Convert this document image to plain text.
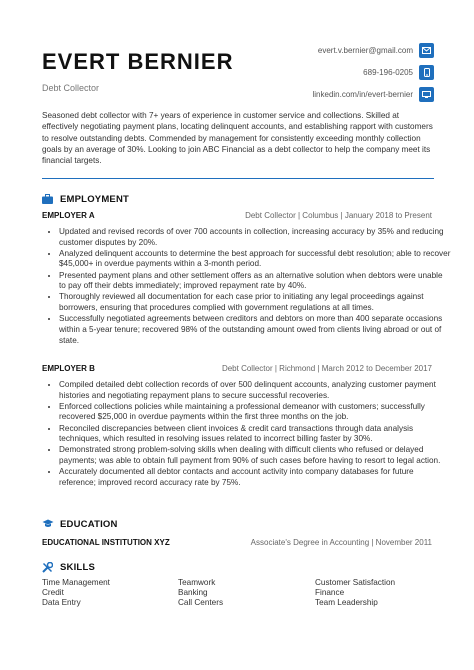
EVERT BERNIER
Debt Collector
evert.v.bernier@gmail.com
689-196-0205
linkedin.com/in/evert-bernier
Seasoned debt collector with 7+ years of experience in customer service and collections. Skilled at effectively negotiating payment plans, locating delinquent accounts, and establishing rapport with customers to resolve outstanding debts. Commended by management for consistently exceeding monthly collection goals by an average of 30%. Looking to join ABC Financial as a debt collector to help the company meet its financial targets.
EMPLOYMENT
EMPLOYER A	Debt Collector | Columbus | January 2018 to Present
• Updated and revised records of over 700 accounts in collection, increasing accuracy by 35% and reducing customer disputes by 20%.
• Analyzed delinquent accounts to determine the best approach for successful debt resolution; able to recover $45,000+ in overdue payments within a 3-month period.
• Presented payment plans and other settlement offers as an alternative solution when debtors were unable to pay off their debts immediately; improved repayment rate by 40%.
• Thoroughly reviewed all documentation for each case prior to initiating any legal proceedings against borrowers, ensuring that procedures complied with government regulations at all times.
• Successfully negotiated agreements between creditors and debtors on more than 400 separate occasions within a 5-year tenure; recovered 98% of the outstanding amount owed from clients living abroad or out of state.
EMPLOYER B	Debt Collector | Richmond | March 2012 to December 2017
• Compiled detailed debt collection records of over 500 delinquent accounts, analyzing customer payment histories and negotiating repayment plans to secure successful recoveries.
• Enforced collections policies while maintaining a professional demeanor with customers; successfully recovered $25,000 in overdue payments within the first three months on the job.
• Reconciled discrepancies between client invoices & credit card transactions through data analysis techniques, which resulted in resolving issues related to incorrect billing faster by 30%.
• Demonstrated strong problem-solving skills when dealing with difficult clients who refused or delayed payments; was able to obtain full payment from 90% of such cases before having to resort to legal action.
• Accurately documented all debtor contacts and account activity into company databases for future reference; improved record accuracy rate by 75%.
EDUCATION
EDUCATIONAL INSTITUTION XYZ	Associate's Degree in Accounting | November 2011
SKILLS
Time Management	Teamwork	Customer Satisfaction
Credit	Banking	Finance
Data Entry	Call Centers	Team Leadership
